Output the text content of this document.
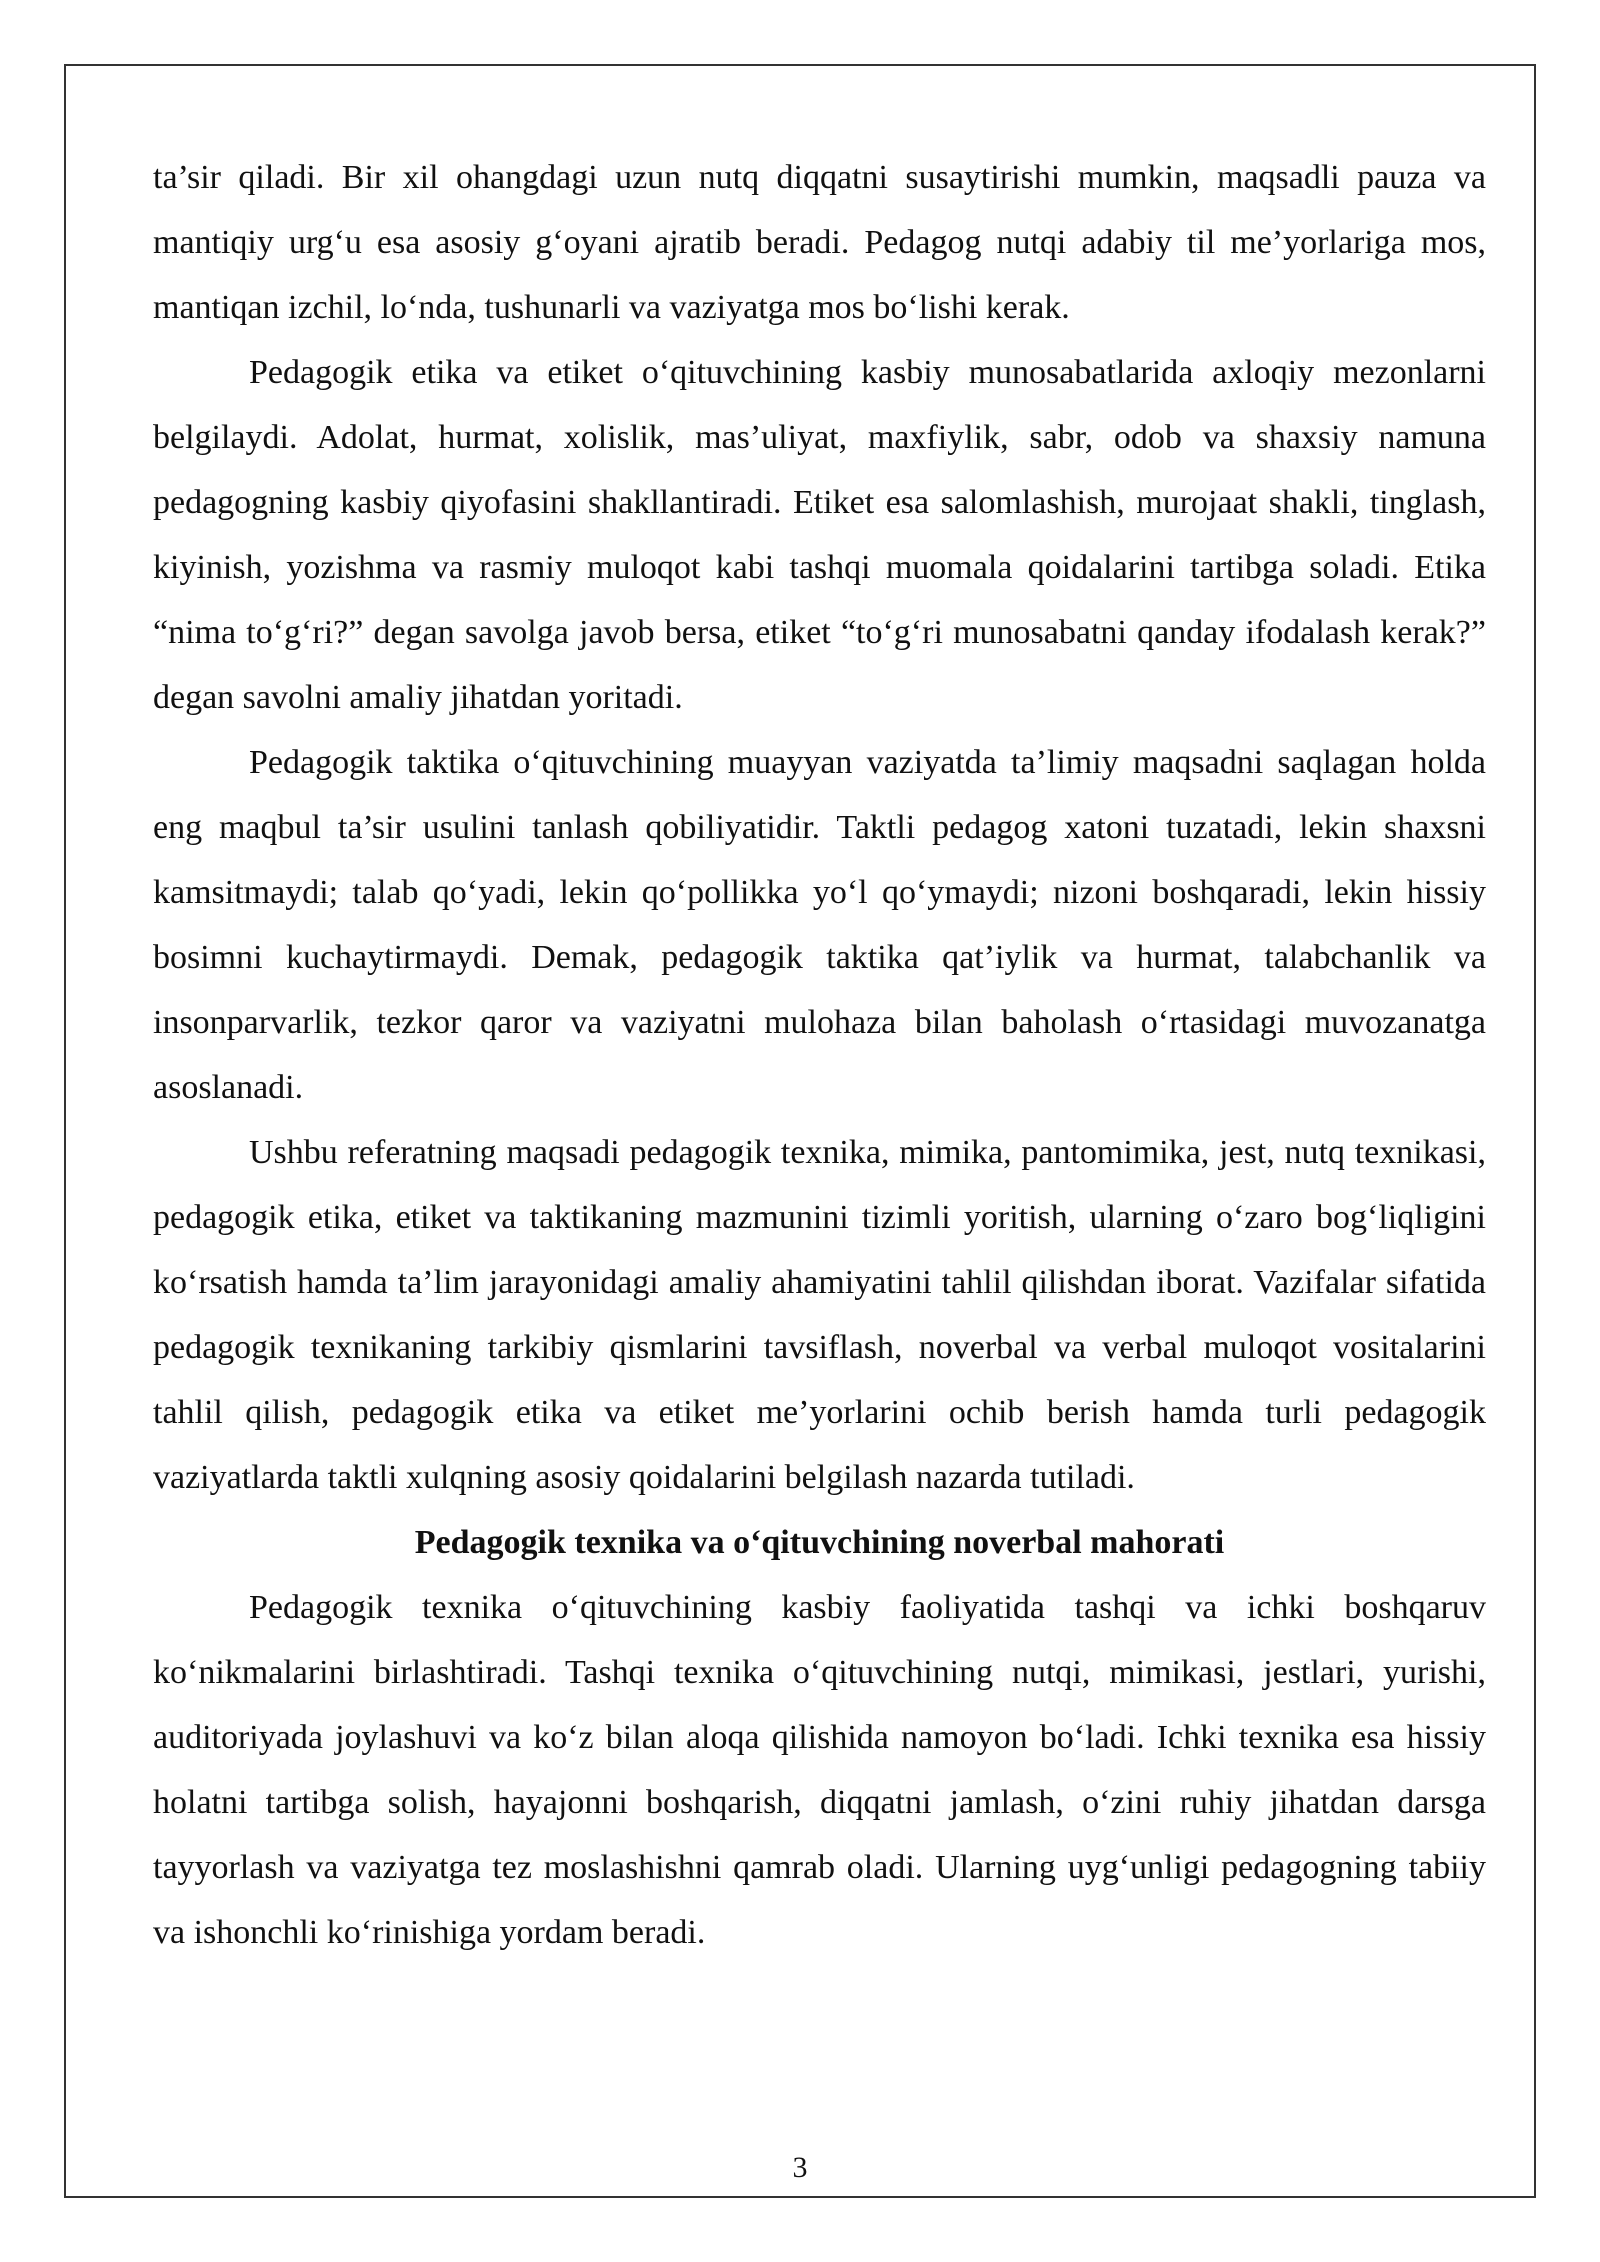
ta’sir qiladi. Bir xil ohangdagi uzun nutq diqqatni susaytirishi mumkin, maqsadli pauza va mantiqiy urg‘u esa asosiy g‘oyani ajratib beradi. Pedagog nutqi adabiy til me’yorlariga mos, mantiqan izchil, lo‘nda, tushunarli va vaziyatga mos bo‘lishi kerak.

Pedagogik etika va etiket o‘qituvchining kasbiy munosabatlarida axloqiy mezonlarni belgilaydi. Adolat, hurmat, xolislik, mas’uliyat, maxfiylik, sabr, odob va shaxsiy namuna pedagogning kasbiy qiyofasini shakllantiradi. Etiket esa salomlashish, murojaat shakli, tinglash, kiyinish, yozishma va rasmiy muloqot kabi tashqi muomala qoidalarini tartibga soladi. Etika “nima to‘g‘ri?” degan savolga javob bersa, etiket “to‘g‘ri munosabatni qanday ifodalash kerak?” degan savolni amaliy jihatdan yoritadi.

Pedagogik taktika o‘qituvchining muayyan vaziyatda ta’limiy maqsadni saqlagan holda eng maqbul ta’sir usulini tanlash qobiliyatidir. Taktli pedagog xatoni tuzatadi, lekin shaxsni kamsitmaydi; talab qo‘yadi, lekin qo‘pollikka yo‘l qo‘ymaydi; nizoni boshqaradi, lekin hissiy bosimni kuchaytirmaydi. Demak, pedagogik taktika qat’iylik va hurmat, talabchanlik va insonparvarlik, tezkor qaror va vaziyatni mulohaza bilan baholash o‘rtasidagi muvozanatga asoslanadi.

Ushbu referatning maqsadi pedagogik texnika, mimika, pantomimika, jest, nutq texnikasi, pedagogik etika, etiket va taktikaning mazmunini tizimli yoritish, ularning o‘zaro bog‘liqligini ko‘rsatish hamda ta’lim jarayonidagi amaliy ahamiyatini tahlil qilishdan iborat. Vazifalar sifatida pedagogik texnikaning tarkibiy qismlarini tavsiflash, noverbal va verbal muloqot vositalarini tahlil qilish, pedagogik etika va etiket me’yorlarini ochib berish hamda turli pedagogik vaziyatlarda taktli xulqning asosiy qoidalarini belgilash nazarda tutiladi.

Pedagogik texnika va o‘qituvchining noverbal mahorati

Pedagogik texnika o‘qituvchining kasbiy faoliyatida tashqi va ichki boshqaruv ko‘nikmalarini birlashtiradi. Tashqi texnika o‘qituvchining nutqi, mimikasi, jestlari, yurishi, auditoriyada joylashuvi va ko‘z bilan aloqa qilishida namoyon bo‘ladi. Ichki texnika esa hissiy holatni tartibga solish, hayajonni boshqarish, diqqatni jamlash, o‘zini ruhiy jihatdan darsga tayyorlash va vaziyatga tez moslashishni qamrab oladi. Ularning uyg‘unligi pedagogning tabiiy va ishonchli ko‘rinishiga yordam beradi.

3
